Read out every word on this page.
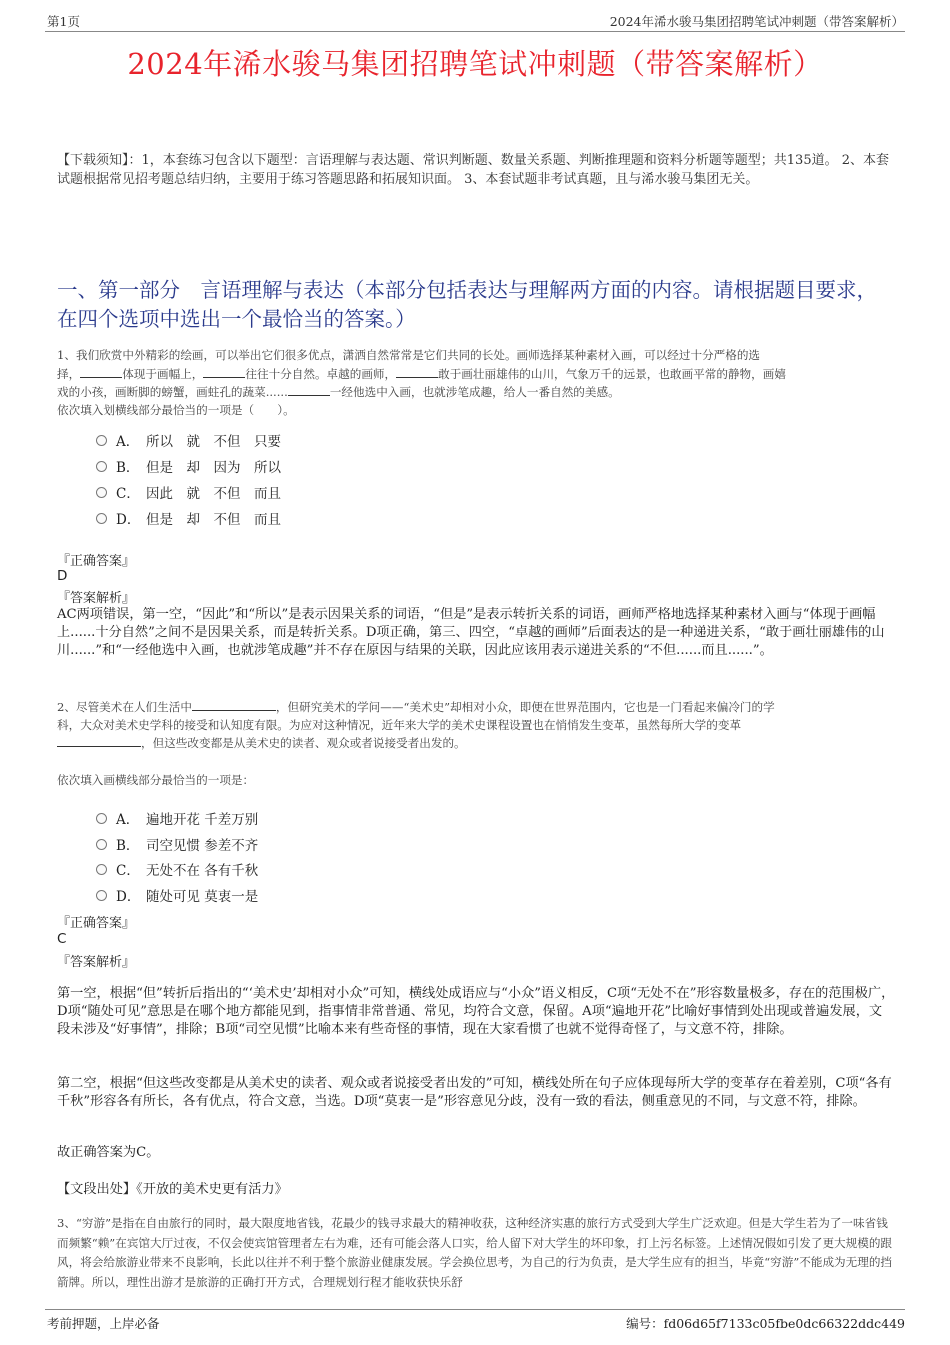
第1页	2024年浠水骏马集团招聘笔试冲刺题（带答案解析）
2024年浠水骏马集团招聘笔试冲刺题（带答案解析）
【下载须知】：1，本套练习包含以下题型：言语理解与表达题、常识判断题、数量关系题、判断推理题和资料分析题等题型；共135道。 2、本套试题根据常见招考题总结归纳，主要用于练习答题思路和拓展知识面。 3、本套试题非考试真题，且与浠水骏马集团无关。
一、第一部分　言语理解与表达（本部分包括表达与理解两方面的内容。请根据题目要求，在四个选项中选出一个最恰当的答案。）
1、我们欣赏中外精彩的绘画，可以举出它们很多优点，潇洒自然常常是它们共同的长处。画师选择某种素材入画，可以经过十分严格的选
择，	体现于画幅上，	往往十分自然。卓越的画师，	敢于画壮丽雄伟的山川，气象万千的远景，也敢画平常的静物，画嬉
戏的小孩，画断脚的螃蟹，画蛀孔的蔬菜......	一经他选中入画，也就涉笔成趣，给人一番自然的美感。
依次填入划横线部分最恰当的一项是（　　）。
A． 所以　就　不但　只要
B． 但是　却　因为　所以
C． 因此　就　不但　而且
D． 但是　却　不但　而且
『正确答案』
D
『答案解析』
AC两项错误，第一空，“因此”和“所以”是表示因果关系的词语，“但是”是表示转折关系的词语，画师严格地选择某种素材入画与“体现于画幅上......十分自然”之间不是因果关系，而是转折关系。D项正确，第三、四空，“卓越的画师”后面表达的是一种递进关系，“敢于画壮丽雄伟的山川......”和“一经他选中入画，也就涉笔成趣”并不存在原因与结果的关联，因此应该用表示递进关系的“不但......而且......”。
2、尽管美术在人们生活中	，但研究美术的学问——“美术史”却相对小众，即便在世界范围内，它也是一门看起来偏冷门的学
科，大众对美术史学科的接受和认知度有限。为应对这种情况，近年来大学的美术史课程设置也在悄悄发生变革，虽然每所大学的变革
，但这些改变都是从美术史的读者、观众或者说接受者出发的。
依次填入画横线部分最恰当的一项是：
A． 遍地开花 千差万别
B． 司空见惯 参差不齐
C． 无处不在 各有千秋
D． 随处可见 莫衷一是
『正确答案』
C
『答案解析』
第一空，根据“但”转折后指出的“‘美术史’却相对小众”可知，横线处成语应与“小众”语义相反，C项“无处不在”形容数量极多，存在的范围极广，D项“随处可见”意思是在哪个地方都能见到，指事情非常普通、常见，均符合文意，保留。A项“遍地开花”比喻好事情到处出现或普遍发展，文段未涉及“好事情”，排除；B项“司空见惯”比喻本来有些奇怪的事情，现在大家看惯了也就不觉得奇怪了，与文意不符，排除。
第二空，根据“但这些改变都是从美术史的读者、观众或者说接受者出发的”可知，横线处所在句子应体现每所大学的变革存在着差别，C项“各有千秋”形容各有所长，各有优点，符合文意，当选。D项“莫衷一是”形容意见分歧，没有一致的看法，侧重意见的不同，与文意不符，排除。
故正确答案为C。
【文段出处】《开放的美术史更有活力》
3、“穷游”是指在自由旅行的同时，最大限度地省钱，花最少的钱寻求最大的精神收获，这种经济实惠的旅行方式受到大学生广泛欢迎。但是大学生若为了一味省钱而频繁“赖”在宾馆大厅过夜，不仅会使宾馆管理者左右为难，还有可能会落人口实，给人留下对大学生的坏印象，打上污名标签。上述情况假如引发了更大规模的跟风，将会给旅游业带来不良影响，长此以往并不利于整个旅游业健康发展。学会换位思考，为自己的行为负责，是大学生应有的担当，毕竟“穷游”不能成为无理的挡箭牌。所以，理性出游才是旅游的正确打开方式，合理规划行程才能收获快乐舒
考前押题，上岸必备	编号：fd06d65f7133c05fbe0dc66322ddc449
